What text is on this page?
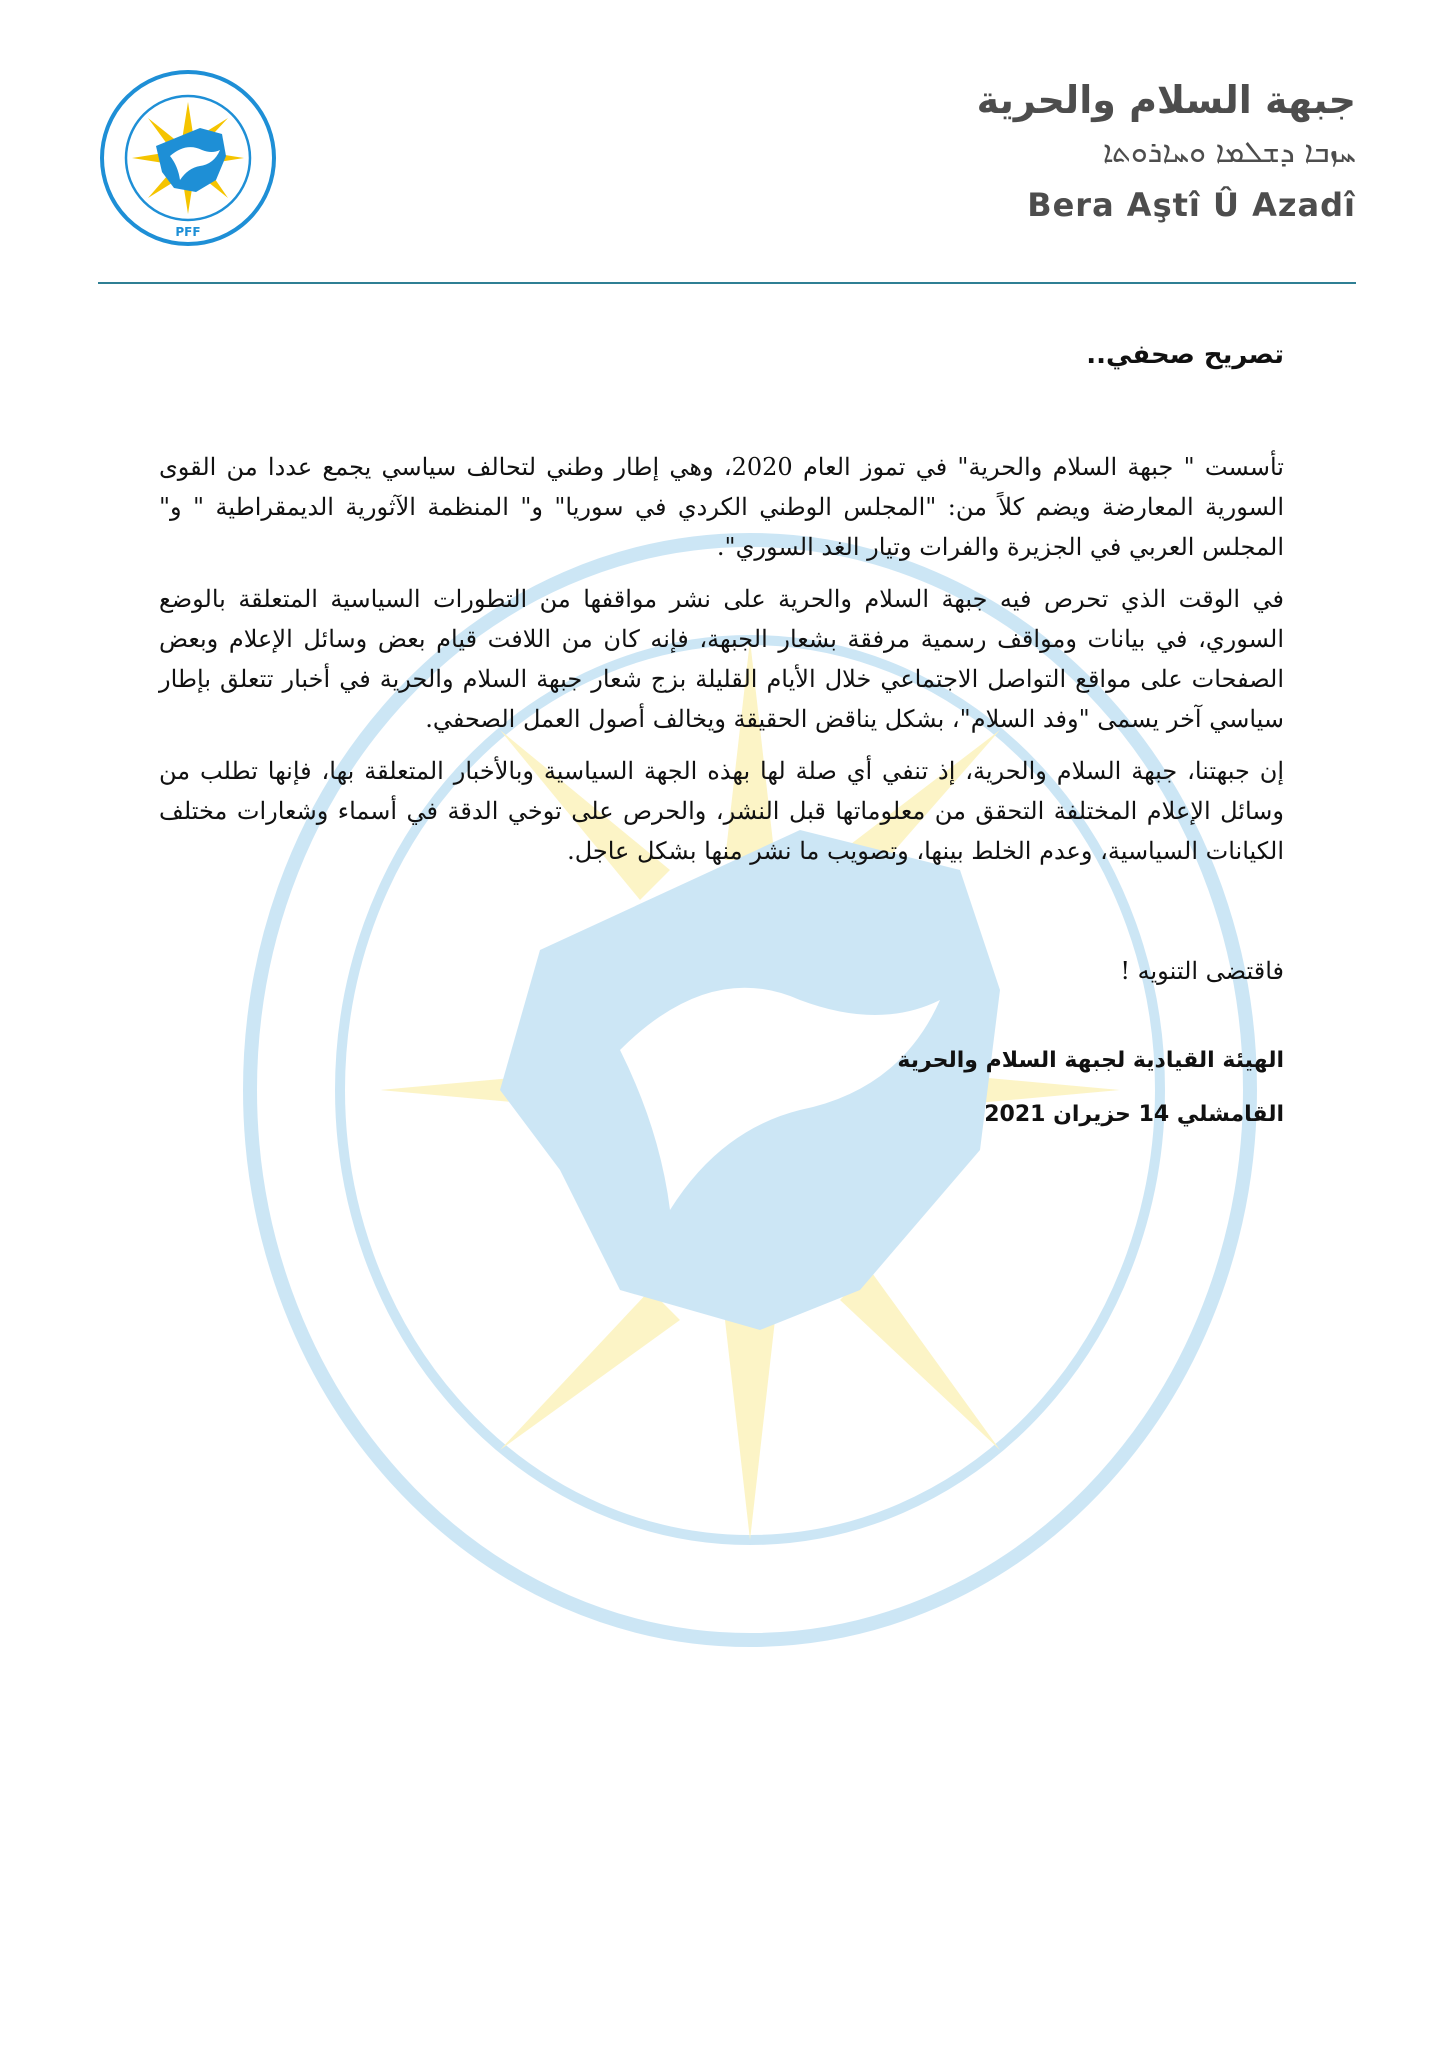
PFF
جبهة السلام والحرية
ܚܙܒܐ ܕܫܠܡܐ ܘܚܐܪܘܬܐ
Bera Aştî Û Azadî
تصريح صحفي..

تأسست " جبهة السلام والحرية" في تموز العام 2020، وهي إطار وطني لتحالف سياسي يجمع عددا من القوى السورية المعارضة ويضم كلاً من: "المجلس الوطني الكردي في سوريا" و" المنظمة الآثورية الديمقراطية " و" المجلس العربي في الجزيرة والفرات وتيار الغد السوري".

في الوقت الذي تحرص فيه جبهة السلام والحرية على نشر مواقفها من التطورات السياسية المتعلقة بالوضع السوري، في بيانات ومواقف رسمية مرفقة بشعار الجبهة، فإنه كان من اللافت قيام بعض وسائل الإعلام وبعض الصفحات على مواقع التواصل الاجتماعي خلال الأيام القليلة بزج شعار جبهة السلام والحرية في أخبار تتعلق بإطار سياسي آخر يسمى "وفد السلام"، بشكل يناقض الحقيقة ويخالف أصول العمل الصحفي.

إن جبهتنا، جبهة السلام والحرية، إذ تنفي أي صلة لها بهذه الجهة السياسية وبالأخبار المتعلقة بها، فإنها تطلب من وسائل الإعلام المختلفة التحقق من معلوماتها قبل النشر، والحرص على توخي الدقة في أسماء وشعارات مختلف الكيانات السياسية، وعدم الخلط بينها، وتصويب ما نشر منها بشكل عاجل.

فاقتضى التنويه !
الهيئة القيادية لجبهة السلام والحرية
القامشلي 14 حزيران 2021
